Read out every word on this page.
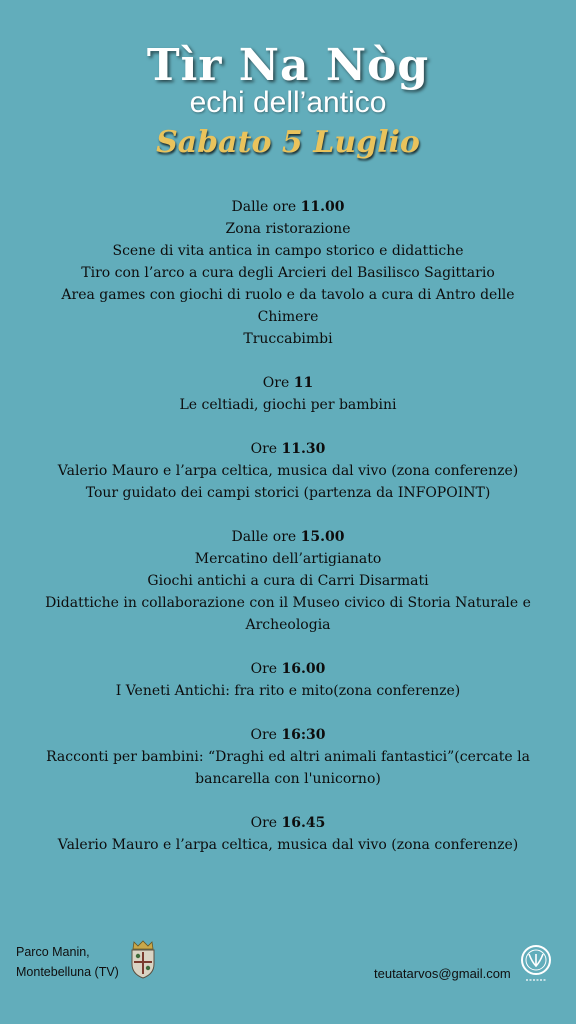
Tìr Na Nòg
echi dell’antico
Sabato 5 Luglio
Dalle ore 11.00
Zona ristorazione
Scene di vita antica in campo storico e didattiche
Tiro con l’arco a cura degli Arcieri del Basilisco Sagittario
Area games con giochi di ruolo e da tavolo a cura di Antro delle Chimere
Truccabimbi
Ore 11
Le celtiadi, giochi per bambini
Ore 11.30
Valerio Mauro e l’arpa celtica, musica dal vivo (zona conferenze)
Tour guidato dei campi storici (partenza da INFOPOINT)
Dalle ore 15.00
Mercatino dell’artigianato
Giochi antichi a cura di Carri Disarmati
Didattiche in collaborazione con il Museo civico di Storia Naturale e Archeologia
Ore 16.00
I Veneti Antichi: fra rito e mito(zona conferenze)
Ore 16:30
Racconti per bambini: “Draghi ed altri animali fantastici”(cercate la bancarella con l'unicorno)
Ore 16.45
Valerio Mauro e l’arpa celtica, musica dal vivo (zona conferenze)
Parco Manin,
Montebelluna (TV)	teutatarvos@gmail.com
